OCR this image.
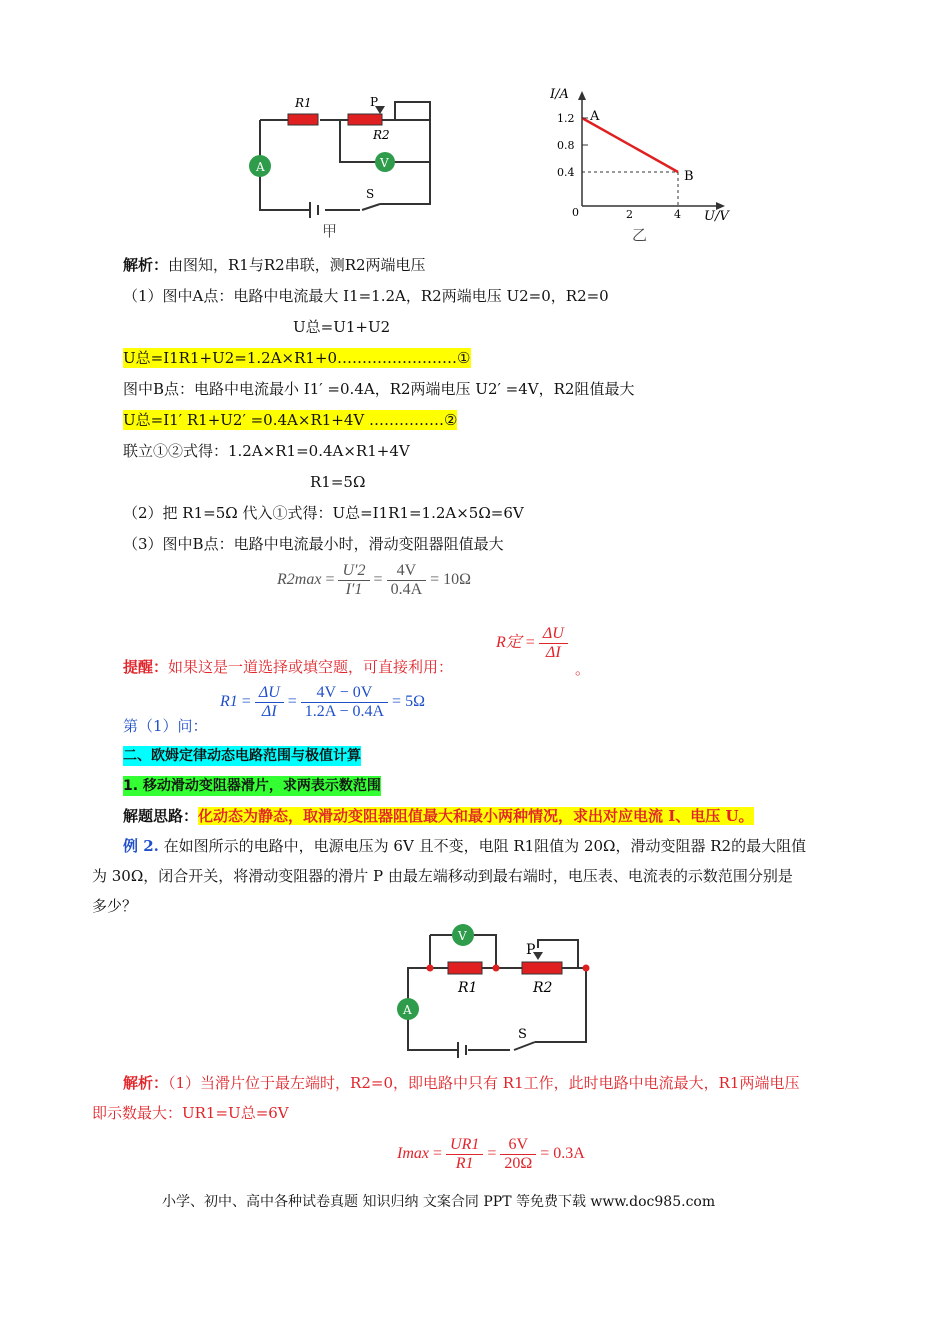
A	V
R1	P
R2
S
甲
I/A
1.2
0.8
0.4
0	2	4 U/V
A
B
乙
解析：由图知，R1与R2串联，测R2两端电压
（1）图中A点：电路中电流最大 I1=1.2A，R2两端电压 U2=0，R2=0
U总=U1+U2
U总=I1R1+U2=1.2A×R1+0……………………①
图中B点：电路中电流最小 I1′ =0.4A，R2两端电压 U2′ =4V，R2阻值最大
U总=I1′ R1+U2′ =0.4A×R1+4V ……………②
联立①②式得：1.2A×R1=0.4A×R1+4V
R1=5Ω
（2）把 R1=5Ω 代入①式得：U总=I1R1=1.2A×5Ω=6V
（3）图中B点：电路中电流最小时，滑动变阻器阻值最大
$R2\max = \frac{U'2}{I'1} = \frac{4V}{0.4A} = 10\Omega$
提醒：如果这是一道选择或填空题，可直接利用：
R定 = $\frac{\Delta U}{\Delta I}$
。
$R1 = \frac{\Delta U}{\Delta I} = \frac{4V - 0V}{1.2A - 0.4A} = 5\Omega$
第（1）问：
二、欧姆定律动态电路范围与极值计算
1. 移动滑动变阻器滑片，求两表示数范围
解题思路：化动态为静态，取滑动变阻器阻值最大和最小两种情况，求出对应电流 I、电压 U。
例 2. 在如图所示的电路中，电源电压为 6V 且不变，电阻 R1阻值为 20Ω，滑动变阻器 R2的最大阻值
为 30Ω，闭合开关，将滑动变阻器的滑片 P 由最左端移动到最右端时，电压表、电流表的示数范围分别是
多少？
V
A
P
R1	R2
S
解析：（1）当滑片位于最左端时，R2=0，即电路中只有 R1工作，此时电路中电流最大，R1两端电压
即示数最大：UR1=U总=6V
$Imax = \frac{UR1}{R1} = \frac{6V}{20\Omega} = 0.3A$
小学、初中、高中各种试卷真题 知识归纳 文案合同 PPT 等免费下载 www.doc985.com
